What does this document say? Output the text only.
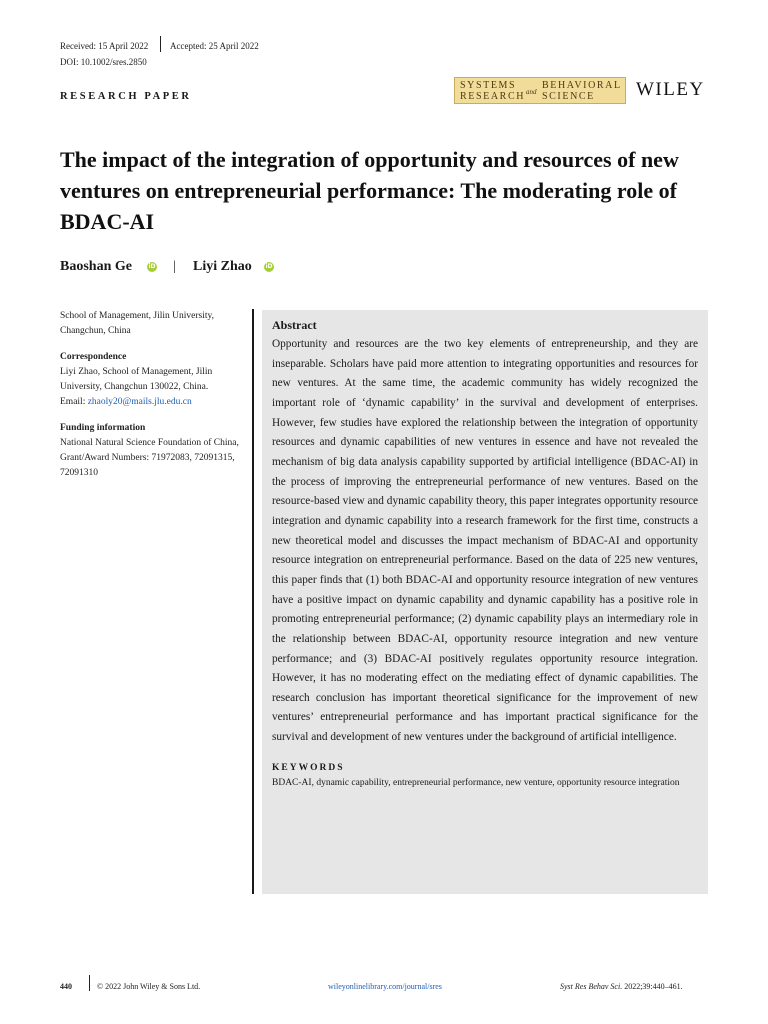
Received: 15 April 2022 Accepted: 25 April 2022
DOI: 10.1002/sres.2850
RESEARCH PAPER
SYSTEMS
RESEARCH and
BEHAVIORAL
SCIENCE WILEY
The impact of the integration of opportunity and resources of new ventures on entrepreneurial performance: The moderating role of BDAC-AI
Baoshan Ge	iD | Liyi Zhao iD

School of Management, Jilin University, Changchun, China

Correspondence

Liyi Zhao, School of Management, Jilin University, Changchun 130022, China.
Email: zhaoly20@mails.jlu.edu.cn

Funding information

National Natural Science Foundation of China, Grant/Award Numbers: 71972083, 72091315, 72091310

Abstract

Opportunity and resources are the two key elements of entrepreneurship, and they are inseparable. Scholars have paid more attention to integrating opportunities and resources for new ventures. At the same time, the academic community has widely recognized the important role of ‘dynamic capability’ in the survival and development of enterprises. However, few studies have explored the relationship between the integration of opportunity resources and dynamic capabilities of new ventures in essence and have not revealed the mechanism of big data analysis capability supported by artificial intelligence (BDAC-AI) in the process of improving the entrepreneurial performance of new ventures. Based on the resource-based view and dynamic capability theory, this paper integrates opportunity resource integration and dynamic capability into a research framework for the first time, constructs a new theoretical model and discusses the impact mechanism of BDAC-AI and opportunity resource integration on entrepreneurial performance. Based on the data of 225 new ventures, this paper finds that (1) both BDAC-AI and opportunity resource integration of new ventures have a positive impact on dynamic capability and dynamic capability has a positive role in promoting entrepreneurial performance; (2) dynamic capability plays an intermediary role in the relationship between BDAC-AI, opportunity resource integration and new venture performance; and (3) BDAC-AI positively regulates opportunity resource integration. However, it has no moderating effect on the mediating effect of dynamic capabilities. The research conclusion has important theoretical significance for the improvement of new ventures’ entrepreneurial performance and has important practical significance for the survival and development of new ventures under the background of artificial intelligence.

KEYWORDS

BDAC-AI, dynamic capability, entrepreneurial performance, new venture, opportunity resource integration

440	© 2022 John Wiley & Sons Ltd.	wileyonlinelibrary.com/journal/sres	Syst Res Behav Sci. 2022;39:440–461.
